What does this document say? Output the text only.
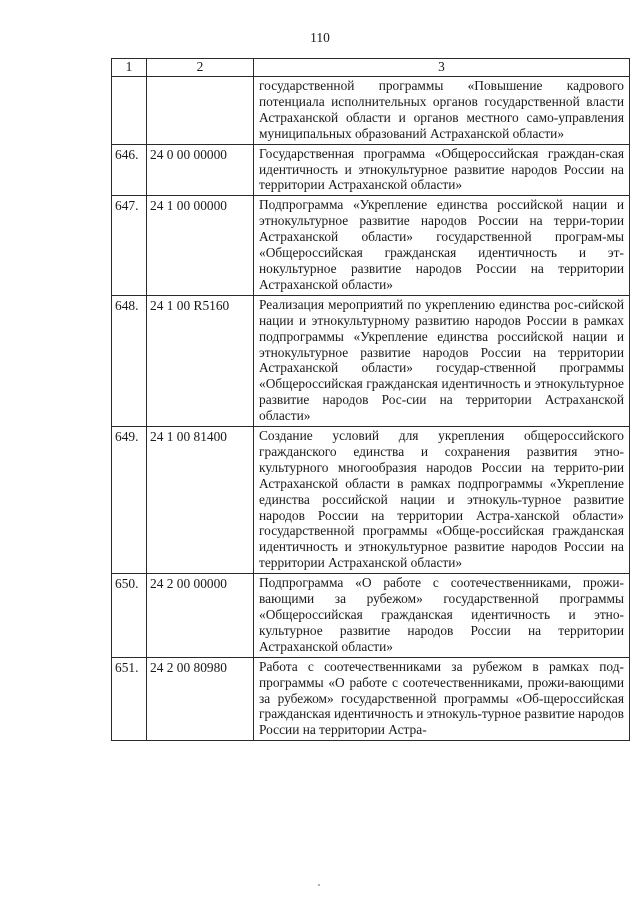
110
1	2	3
		государственной программы «Повышение кадрового потенциала исполнительных органов государственной власти Астраханской области и органов местного само-управления муниципальных образований Астраханской области»
646.	24 0 00 00000	Государственная программа «Общероссийская граждан-ская идентичность и этнокультурное развитие народов России на территории Астраханской области»
647.	24 1 00 00000	Подпрограмма «Укрепление единства российской нации и этнокультурное развитие народов России на терри-тории Астраханской области» государственной програм-мы «Общероссийская гражданская идентичность и эт-нокультурное развитие народов России на территории Астраханской области»
648.	24 1 00 R5160	Реализация мероприятий по укреплению единства рос-сийской нации и этнокультурному развитию народов России в рамках подпрограммы «Укрепление единства российской нации и этнокультурное развитие народов России на территории Астраханской области» государ-ственной программы «Общероссийская гражданская идентичность и этнокультурное развитие народов Рос-сии на территории Астраханской области»
649.	24 1 00 81400	Создание условий для укрепления общероссийского гражданского единства и сохранения развития этно-культурного многообразия народов России на террито-рии Астраханской области в рамках подпрограммы «Укрепление единства российской нации и этнокуль-турное развитие народов России на территории Астра-ханской области» государственной программы «Обще-российская гражданская идентичность и этнокультурное развитие народов России на территории Астраханской области»
650.	24 2 00 00000	Подпрограмма «О работе с соотечественниками, прожи-вающими за рубежом» государственной программы «Общероссийская гражданская идентичность и этно-культурное развитие народов России на территории Астраханской области»
651.	24 2 00 80980	Работа с соотечественниками за рубежом в рамках под-программы «О работе с соотечественниками, прожи-вающими за рубежом» государственной программы «Об-щероссийская гражданская идентичность и этнокуль-турное развитие народов России на территории Астра-
